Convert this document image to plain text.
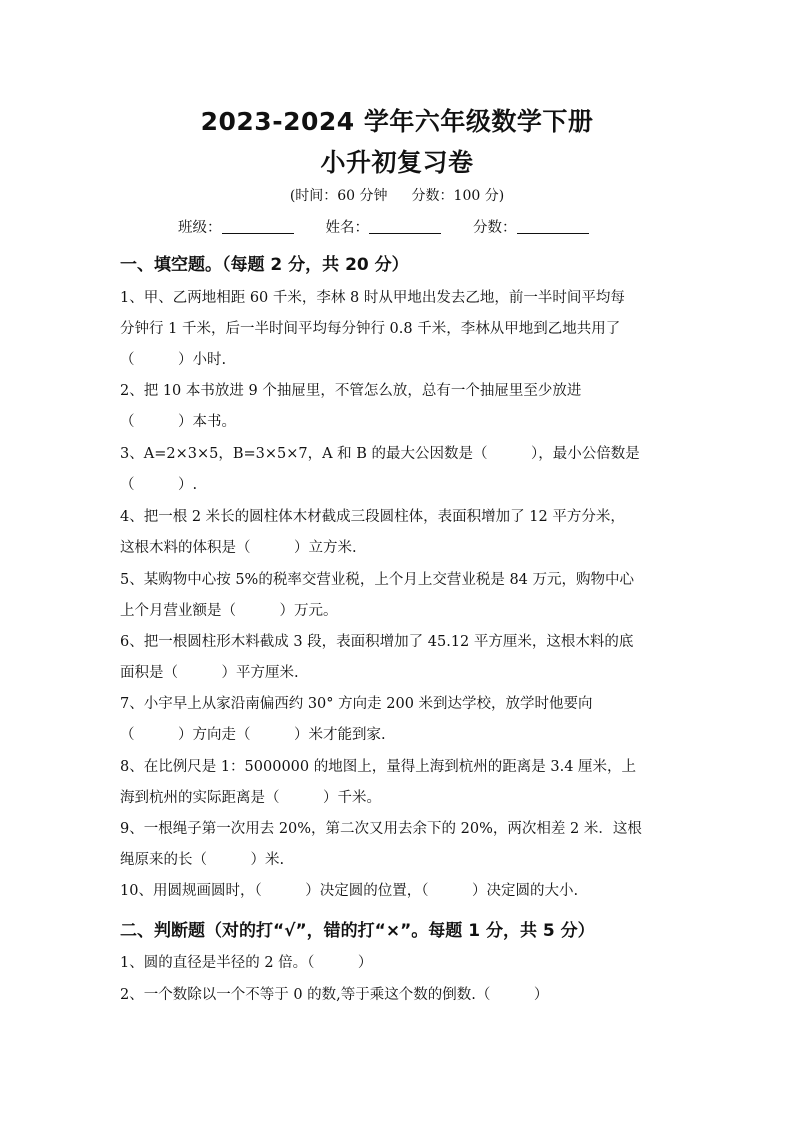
2023-2024 学年六年级数学下册
小升初复习卷
(时间：60 分钟 分数：100 分)
班级：	姓名：	分数：
一、填空题。（每题 2 分，共 20 分）
1、甲、乙两地相距 60 千米，李林 8 时从甲地出发去乙地，前一半时间平均每
分钟行 1 千米，后一半时间平均每分钟行 0.8 千米，李林从甲地到乙地共用了
（　　　）小时.
2、把 10 本书放进 9 个抽屉里，不管怎么放，总有一个抽屉里至少放进
（　　　）本书。
3、A=2×3×5，B=3×5×7，A 和 B 的最大公因数是（　　　），最小公倍数是
（　　　）.
4、把一根 2 米长的圆柱体木材截成三段圆柱体，表面积增加了 12 平方分米，
这根木料的体积是（　　　）立方米.
5、某购物中心按 5%的税率交营业税，上个月上交营业税是 84 万元，购物中心
上个月营业额是（　　　）万元。
6、把一根圆柱形木料截成 3 段，表面积增加了 45.12 平方厘米，这根木料的底
面积是（　　　）平方厘米.
7、小宇早上从家沿南偏西约 30° 方向走 200 米到达学校，放学时他要向
（　　　）方向走（　　　）米才能到家.
8、在比例尺是 1：5000000 的地图上，量得上海到杭州的距离是 3.4 厘米，上
海到杭州的实际距离是（　　　）千米。
9、一根绳子第一次用去 20%，第二次又用去余下的 20%，两次相差 2 米．这根
绳原来的长（　　　）米.
10、用圆规画圆时，（　　　）决定圆的位置，（　　　）决定圆的大小.
二、判断题（对的打“√”，错的打“×”。每题 1 分，共 5 分）
1、圆的直径是半径的 2 倍。（　　　）
2、一个数除以一个不等于 0 的数,等于乘这个数的倒数.（　　　）
